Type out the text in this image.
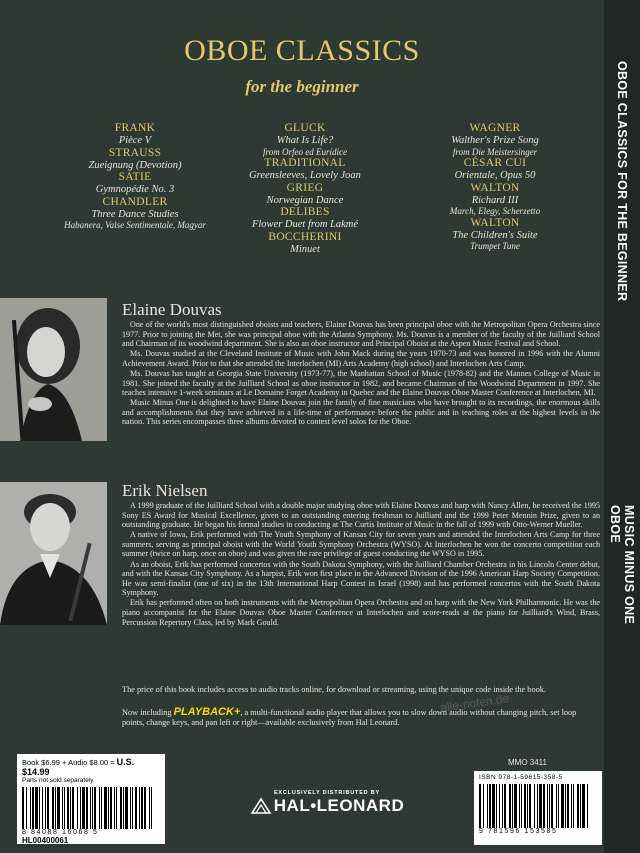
OBOE CLASSICS FOR THE BEGINNER
MUSIC MINUS ONE OBOE
OBOE CLASSICS
for the beginner
FRANK
Pièce V
STRAUSS
Zueignung (Devotion)
SATIE
Gymnopédie No. 3
CHANDLER
Three Dance Studies
Habanera, Valse Sentimentale, Magyar
GLUCK
What Is Life?
from Orfeo ed Euridice
TRADITIONAL
Greensleeves, Lovely Joan
GRIEG
Norwegian Dance
DELIBES
Flower Duet from Lakmé
BOCCHERINI
Minuet
WAGNER
Walther's Prize Song
from Die Meistersinger
CÉSAR CUI
Orientale, Opus 50
WALTON
Richard III
March, Elegy, Scherzetto
WALTON
The Children's Suite
Trumpet Tune
Elaine Douvas

One of the world's most distinguished oboists and teachers, Elaine Douvas has been principal oboe with the Metropolitan Opera Orchestra since 1977. Prior to joining the Met, she was principal oboe with the Atlanta Symphony. Ms. Douvas is a member of the faculty of the Juilliard School and Chairman of its woodwind department. She is also an oboe instructor and Principal Oboist at the Aspen Music Festival and School.

Ms. Douvas studied at the Cleveland Institute of Music with John Mack during the years 1970-73 and was honored in 1996 with the Alumni Achievement Award. Prior to that she attended the Interlochen (MI) Arts Academy (high school) and Interlochen Arts Camp.

Ms. Douvas has taught at Georgia State University (1973-77), the Manhattan School of Music (1978-82) and the Mannes College of Music in 1981. She joined the faculty at the Juilliard School as oboe instructor in 1982, and became Chairman of the Woodwind Department in 1997. She teaches intensive 1-week seminars at Le Domaine Forget Academy in Quebec and the Elaine Douvas Oboe Master Conference at Interlochen, MI.

Music Minus One is delighted to have Elaine Douvas join the family of fine musicians who have brought to its recordings, the enormous skills and accomplishments that they have achieved in a life-time of performance before the public and in teaching roles at the highest levels in the nation. This series encompasses three albums devoted to contest level solos for the Oboe.

Erik Nielsen

A 1999 graduate of the Juilliard School with a double major studying oboe with Elaine Douvas and harp with Nancy Allen, he received the 1995 Sony ES Award for Musical Excellence, given to an outstanding entering freshman to Juilliard and the 1999 Peter Mennin Prize, given to an outstanding graduate. He began his formal studies in conducting at The Curtis Institute of Music in the fall of 1999 with Otto-Werner Mueller.

A native of Iowa, Erik performed with The Youth Symphony of Kansas City for seven years and attended the Interlochen Arts Camp for three summers, serving as principal oboist with the World Youth Symphony Orchestra (WYSO). At Interlochen he won the concerto competition each summer (twice on harp, once on oboe) and was given the rare privilege of guest conducting the WYSO in 1995.

As an oboist, Erik has performed concertos with the South Dakota Symphony, with the Juilliard Chamber Orchestra in his Lincoln Center debut, and with the Kansas City Symphony. As a harpist, Erik won first place in the Advanced Division of the 1996 American Harp Society Competition. He was semi-finalist (one of six) in the 13th International Harp Contest in Israel (1998) and has performed concertos with the South Dakota Symphony.

Erik has performed often on both instruments with the Metropolitan Opera Orchestra and on harp with the New York Philharmonic. He was the piano accompanist for the Elaine Douvas Oboe Master Conference at Interlochen and score-reads at the piano for Juilliard's Wind, Brass, Percussion Repertory Class, led by Mark Gould.

The price of this book includes access to audio tracks online, for download or streaming, using the unique code inside the book.
Now including PLAYBACK+, a multi-functional audio player that allows you to slow down audio without changing pitch, set loop points, change keys, and pan left or right—available exclusively from Hal Leonard.
alle-noten.de
Book $6.99 + Audio $8.00 = U.S. $14.99
Parts not sold separately
8 84088 16068 5
HL00400061
EXCLUSIVELY DISTRIBUTED BY
HAL • LEONARD
MMO 3411
ISBN 978-1-59615-358-5
9 781596 153585
